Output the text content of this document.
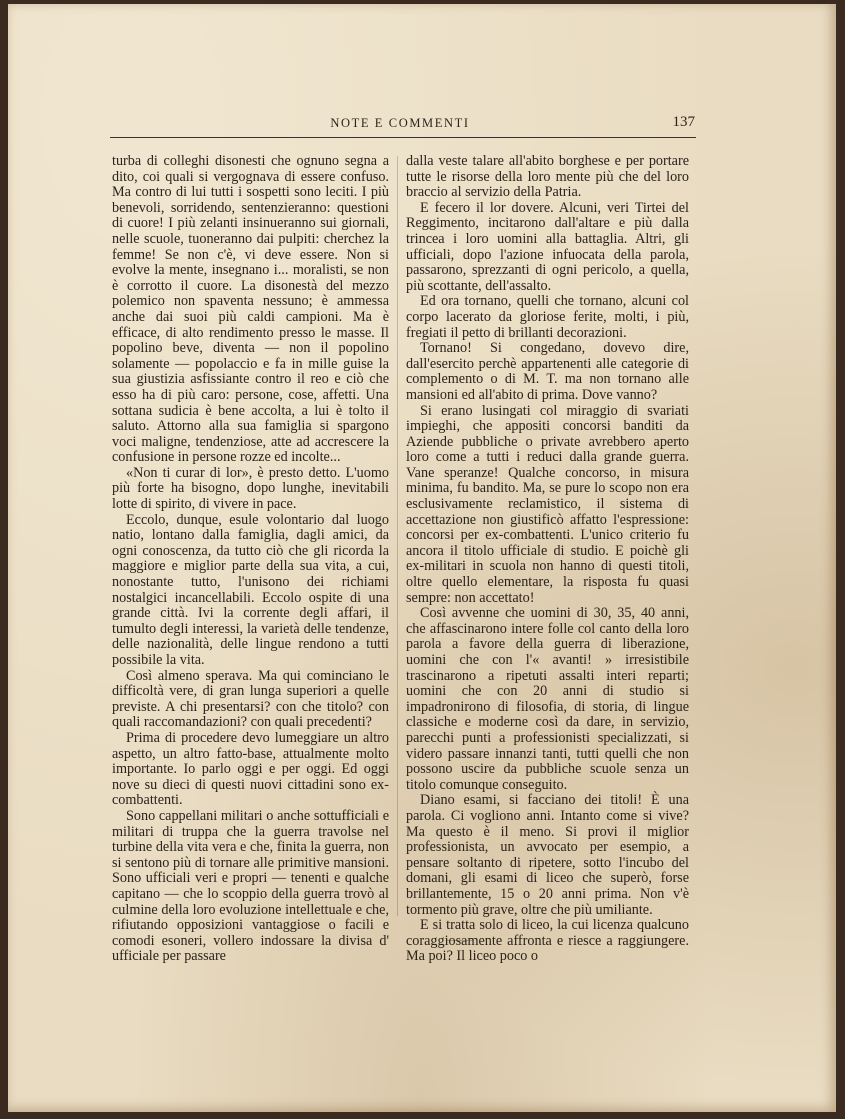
NOTE E COMMENTI	137

turba di colleghi disonesti che ognuno segna a dito, coi quali si vergognava di essere confuso. Ma contro di lui tutti i sospetti sono leciti. I più benevoli, sorridendo, sentenzieranno: questioni di cuore! I più zelanti insinueranno sui giornali, nelle scuole, tuoneranno dai pulpiti: cherchez la femme! Se non c'è, vi deve essere. Non si evolve la mente, insegnano i... moralisti, se non è corrotto il cuore. La disonestà del mezzo polemico non spaventa nessuno; è ammessa anche dai suoi più caldi campioni. Ma è efficace, di alto rendimento presso le masse. Il popolino beve, diventa — non il popolino solamente — popolaccio e fa in mille guise la sua giustizia asfissiante contro il reo e ciò che esso ha di più caro: persone, cose, affetti. Una sottana sudicia è bene accolta, a lui è tolto il saluto. Attorno alla sua famiglia si spargono voci maligne, tendenziose, atte ad accrescere la confusione in persone rozze ed incolte...

«Non ti curar di lor», è presto detto. L'uomo più forte ha bisogno, dopo lunghe, inevitabili lotte di spirito, di vivere in pace.

Eccolo, dunque, esule volontario dal luogo natio, lontano dalla famiglia, dagli amici, da ogni conoscenza, da tutto ciò che gli ricorda la maggiore e miglior parte della sua vita, a cui, nonostante tutto, l'unisono dei richiami nostalgici incancellabili. Eccolo ospite di una grande città. Ivi la corrente degli affari, il tumulto degli interessi, la varietà delle tendenze, delle nazionalità, delle lingue rendono a tutti possibile la vita.

Così almeno sperava. Ma qui cominciano le difficoltà vere, di gran lunga superiori a quelle previste. A chi presentarsi? con che titolo? con quali raccomandazioni? con quali precedenti?

Prima di procedere devo lumeggiare un altro aspetto, un altro fatto-base, attualmente molto importante. Io parlo oggi e per oggi. Ed oggi nove su dieci di questi nuovi cittadini sono ex-combattenti.

Sono cappellani militari o anche sottufficiali e militari di truppa che la guerra travolse nel turbine della vita vera e che, finita la guerra, non si sentono più di tornare alle primitive mansioni. Sono ufficiali veri e propri — tenenti e qualche capitano — che lo scoppio della guerra trovò al culmine della loro evoluzione intellettuale e che, rifiutando opposizioni vantaggiose o facili e comodi esoneri, vollero indossare la divisa d' ufficiale per passare

dalla veste talare all'abito borghese e per portare tutte le risorse della loro mente più che del loro braccio al servizio della Patria.

E fecero il lor dovere. Alcuni, veri Tirtei del Reggimento, incitarono dall'altare e più dalla trincea i loro uomini alla battaglia. Altri, gli ufficiali, dopo l'azione infuocata della parola, passarono, sprezzanti di ogni pericolo, a quella, più scottante, dell'assalto.

Ed ora tornano, quelli che tornano, alcuni col corpo lacerato da gloriose ferite, molti, i più, fregiati il petto di brillanti decorazioni.

Tornano! Si congedano, dovevo dire, dall'esercito perchè appartenenti alle categorie di complemento o di M. T. ma non tornano alle mansioni ed all'abito di prima. Dove vanno?

Si erano lusingati col miraggio di svariati impieghi, che appositi concorsi banditi da Aziende pubbliche o private avrebbero aperto loro come a tutti i reduci dalla grande guerra. Vane speranze! Qualche concorso, in misura minima, fu bandito. Ma, se pure lo scopo non era esclusivamente reclamistico, il sistema di accettazione non giustificò affatto l'espressione: concorsi per ex-combattenti. L'unico criterio fu ancora il titolo ufficiale di studio. E poichè gli ex-militari in scuola non hanno di questi titoli, oltre quello elementare, la risposta fu quasi sempre: non accettato!

Così avvenne che uomini di 30, 35, 40 anni, che affascinarono intere folle col canto della loro parola a favore della guerra di liberazione, uomini che con l'« avanti! » irresistibile trascinarono a ripetuti assalti interi reparti; uomini che con 20 anni di studio si impadronirono di filosofia, di storia, di lingue classiche e moderne così da dare, in servizio, parecchi punti a professionisti specializzati, si videro passare innanzi tanti, tutti quelli che non possono uscire da pubbliche scuole senza un titolo comunque conseguito.

Diano esami, si facciano dei titoli! È una parola. Ci vogliono anni. Intanto come si vive? Ma questo è il meno. Si provi il miglior professionista, un avvocato per esempio, a pensare soltanto di ripetere, sotto l'incubo del domani, gli esami di liceo che superò, forse brillantemente, 15 o 20 anni prima. Non v'è tormento più grave, oltre che più umiliante.

E si tratta solo di liceo, la cui licenza qualcuno coraggiosamente affronta e riesce a raggiungere. Ma poi? Il liceo poco o
